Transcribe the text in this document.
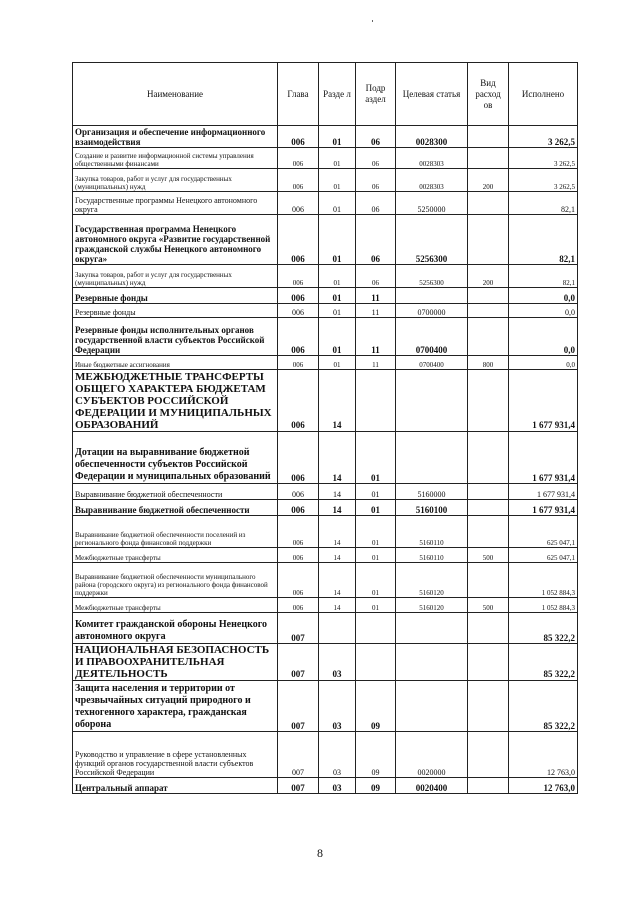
Наименование	Глава	Разде л	Подр аздел	Целевая статья	Вид расход ов	Исполнено
Организация и обеспечение информационного взаимодействия	006	01	06	0028300		3 262,5
Создание и развитие информационной системы управления общественными финансами	006	01	06	0028303		3 262,5
Закупка товаров, работ и услуг для государственных (муниципальных) нужд	006	01	06	0028303	200	3 262,5
Государственные программы Ненецкого автономного округа	006	01	06	5250000		82,1
Государственная программа Ненецкого автономного округа «Развитие государственной гражданской службы Ненецкого автономного округа»	006	01	06	5256300		82,1
Закупка товаров, работ и услуг для государственных (муниципальных) нужд	006	01	06	5256300	200	82,1
Резервные фонды	006	01	11			0,0
Резервные фонды	006	01	11	0700000		0,0
Резервные фонды исполнительных органов государственной власти субъектов Российской Федерации	006	01	11	0700400		0,0
Иные бюджетные ассигнования	006	01	11	0700400	800	0,0
МЕЖБЮДЖЕТНЫЕ ТРАНСФЕРТЫ ОБЩЕГО ХАРАКТЕРА БЮДЖЕТАМ СУБЪЕКТОВ РОССИЙСКОЙ ФЕДЕРАЦИИ И МУНИЦИПАЛЬНЫХ ОБРАЗОВАНИЙ	006	14				1 677 931,4
Дотации на выравнивание бюджетной обеспеченности субъектов Российской Федерации и муниципальных образований	006	14	01			1 677 931,4
Выравнивание бюджетной обеспеченности	006	14	01	5160000		1 677 931,4
Выравнивание бюджетной обеспеченности	006	14	01	5160100		1 677 931,4
Выравнивание бюджетной обеспеченности поселений из регионального фонда финансовой поддержки	006	14	01	5160110		625 047,1
Межбюджетные трансферты	006	14	01	5160110	500	625 047,1
Выравнивание бюджетной обеспеченности муниципального района (городского округа) из регионального фонда финансовой поддержки	006	14	01	5160120		1 052 884,3
Межбюджетные трансферты	006	14	01	5160120	500	1 052 884,3
Комитет гражданской обороны Ненецкого автономного округа	007					85 322,2
НАЦИОНАЛЬНАЯ БЕЗОПАСНОСТЬ И ПРАВООХРАНИТЕЛЬНАЯ ДЕЯТЕЛЬНОСТЬ	007	03				85 322,2
Защита населения и территории от чрезвычайных ситуаций природного и техногенного характера, гражданская оборона	007	03	09			85 322,2
Руководство и управление в сфере установленных функций органов государственной власти субъектов Российской Федерации	007	03	09	0020000		12 763,0
Центральный аппарат	007	03	09	0020400		12 763,0
8
